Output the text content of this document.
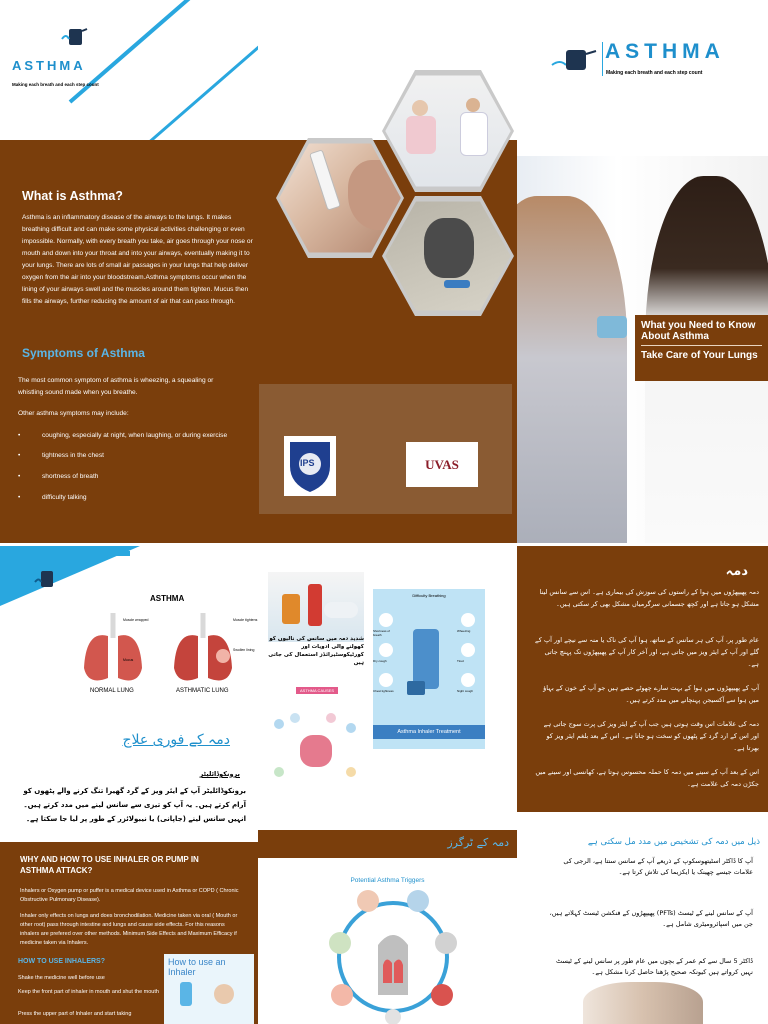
ASTHMA
Making each breath and each step count
ASTHMA
Making each breath and each step count
What is Asthma?

Asthma is an inflammatory disease of the airways to the lungs. It makes breathing difficult and can make some physical activities challenging or even impossible. Normally, with every breath you take, air goes through your nose or mouth and down into your throat and into your airways, eventually making it to your lungs. There are lots of small air passages in your lungs that help deliver oxygen from the air into your bloodstream.Asthma symptoms occur when the lining of your airways swell and the muscles around them tighten. Mucus then fills the airways, further reducing the amount of air that can pass through.

Symptoms of Asthma

The most common symptom of asthma is wheezing, a squealing or whistling sound made when you breathe.

Other asthma symptoms may include:

•	coughing, especially at night, when laughing, or during exercise
•	tightness in the chest
•	shortness of breath
•	difficulty talking
IPS	UVAS
What you Need to Know About Asthma
Take Care of Your Lungs
ASTHMA
Muscle wrapped	Muscle tightens
Swollen lining
Mucus
NORMAL LUNG	ASTHMATIC LUNG
دمہ کے فوری علاج
برونکوڈائلیٹر

برونکوڈائلیٹر آپ کے ایئر ویز کے گرد گھیرا تنگ کرنے والے پٹھوں کو آرام کرتے ہیں۔ یہ آپ کو تیزی سے سانس لینے میں مدد کرتے ہیں۔ انہیں سانس لینے (جاپانی) یا نیبولائزر کے طور پر لیا جا سکتا ہے۔

WHY AND HOW TO USE INHALER OR PUMP IN ASTHMA ATTACK?

Inhalers or Oxygen pump or puffer is a medical device used in Asthma or COPD ( Chronic Obstructive Pulmonary Disease).

Inhaler only effects on lungs and does bronchodilation. Medicine taken via oral ( Mouth or other root) pass through intestine and lungs and cause side effects. For this reasons inhalers are prefered over other methods. Minimum Side Effects and Maximum Efficacy if medicine taken via Inhalers.

HOW TO USE INHALERS?
Shake the medicine well before use
Keep the front part of inhaler in mouth and shut the mouth
Press the upper part of Inhaler and start taking
How to use an Inhaler

شدید دمہ میں سانس کی نالیوں کو کھولنے والی ادویات اور کورٹیکوسٹیرائڈز استعمال کی جاتی ہیں

ASTHMA CAUSES
Difficulty Breathing
Shortness of breath
Dry cough
Chest tightness
Wheezing
Tired
Night cough
Asthma Inhaler Treatment
دمہ کے ٹرگرز
Potential Asthma Triggers
دمہ

دمہ پھیپھڑوں میں ہوا کے راستوں کی سوزش کی بیماری ہے۔ اس سے سانس لینا مشکل ہو جاتا ہے اور کچھ جسمانی سرگرمیاں مشکل بھی کر سکتی ہیں۔

عام طور پر، آپ کی ہر سانس کے ساتھ، ہوا آپ کی ناک یا منہ سے نیچے اور آپ کے گلے اور آپ کے ایئر ویز میں جاتی ہے، اور آخر کار آپ کے پھیپھڑوں تک پہنچ جاتی ہے۔

آپ کے پھیپھڑوں میں ہوا کے بہت سارے چھوٹے حصے ہیں جو آپ کے خون کے بہاؤ میں ہوا سے آکسیجن پہنچانے میں مدد کرتے ہیں۔

دمہ کی علامات اس وقت ہوتی ہیں جب آپ کے ایئر ویز کی پرت سوج جاتی ہے اور اس کے ارد گرد کے پٹھوں کو سخت ہو جاتا ہے۔ اس کے بعد بلغم ایئر ویز کو بھرتا ہے۔

اس کے بعد آپ کے سینے میں دمہ کا حملہ محسوس ہوتا ہے، کھانسی اور سینے میں جکڑن دمہ کی علامت ہے۔

ذیل میں دمہ کی تشخیص میں مدد مل سکتی ہے

آپ کا ڈاکٹر اسٹیتھوسکوپ کے ذریعے آپ کے سانس سنتا ہے، الرجی کی علامات جیسے چھینک یا ایکزیما کی تلاش کرتا ہے۔

آپ کے سانس لینے کے ٹیسٹ (PFTs) پھیپھڑوں کے فنکشن ٹیسٹ کہلاتے ہیں، جن میں اسپائرومیٹری شامل ہے۔

ڈاکٹر 5 سال سے کم عمر کے بچوں میں عام طور پر سانس لینے کے ٹیسٹ نہیں کرواتے ہیں کیونکہ صحیح پڑھنا حاصل کرنا مشکل ہے۔
